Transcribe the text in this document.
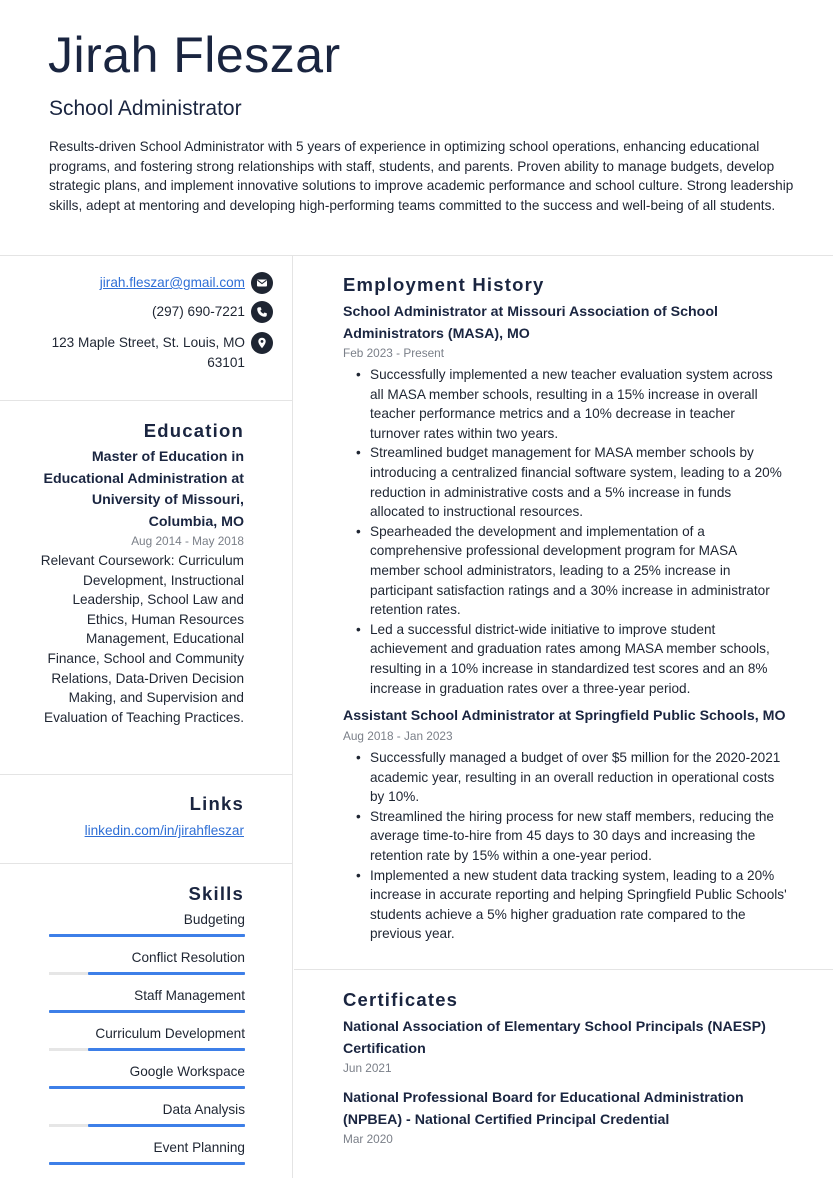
Jirah Fleszar
School Administrator
Results-driven School Administrator with 5 years of experience in optimizing school operations, enhancing educational programs, and fostering strong relationships with staff, students, and parents. Proven ability to manage budgets, develop strategic plans, and implement innovative solutions to improve academic performance and school culture. Strong leadership skills, adept at mentoring and developing high-performing teams committed to the success and well-being of all students.
jirah.fleszar@gmail.com
(297) 690-7221
123 Maple Street, St. Louis, MO 63101
Education
Master of Education in Educational Administration at University of Missouri, Columbia, MO
Aug 2014 - May 2018
Relevant Coursework: Curriculum Development, Instructional Leadership, School Law and Ethics, Human Resources Management, Educational Finance, School and Community Relations, Data-Driven Decision Making, and Supervision and Evaluation of Teaching Practices.
Links
linkedin.com/in/jirahfleszar
Skills
Budgeting
Conflict Resolution
Staff Management
Curriculum Development
Google Workspace
Data Analysis
Event Planning
Employment History
School Administrator at Missouri Association of School Administrators (MASA), MO
Feb 2023 - Present
• Successfully implemented a new teacher evaluation system across all MASA member schools, resulting in a 15% increase in overall teacher performance metrics and a 10% decrease in teacher turnover rates within two years.
• Streamlined budget management for MASA member schools by introducing a centralized financial software system, leading to a 20% reduction in administrative costs and a 5% increase in funds allocated to instructional resources.
• Spearheaded the development and implementation of a comprehensive professional development program for MASA member school administrators, leading to a 25% increase in participant satisfaction ratings and a 30% increase in administrator retention rates.
• Led a successful district-wide initiative to improve student achievement and graduation rates among MASA member schools, resulting in a 10% increase in standardized test scores and an 8% increase in graduation rates over a three-year period.
Assistant School Administrator at Springfield Public Schools, MO
Aug 2018 - Jan 2023
• Successfully managed a budget of over $5 million for the 2020-2021 academic year, resulting in an overall reduction in operational costs by 10%.
• Streamlined the hiring process for new staff members, reducing the average time-to-hire from 45 days to 30 days and increasing the retention rate by 15% within a one-year period.
• Implemented a new student data tracking system, leading to a 20% increase in accurate reporting and helping Springfield Public Schools' students achieve a 5% higher graduation rate compared to the previous year.
Certificates
National Association of Elementary School Principals (NAESP) Certification
Jun 2021
National Professional Board for Educational Administration (NPBEA) - National Certified Principal Credential
Mar 2020
